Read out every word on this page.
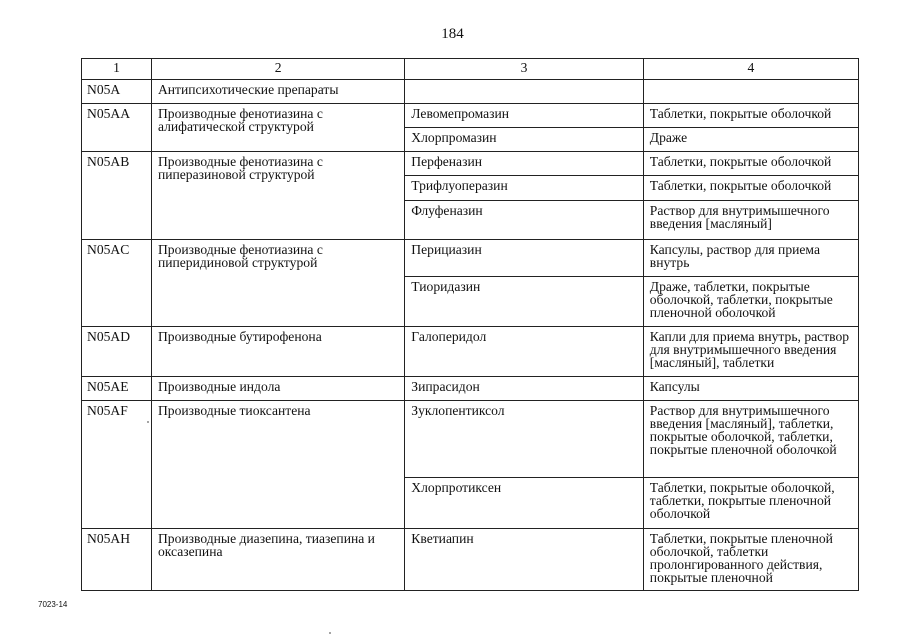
184
1	2	3	4
N05A	Антипсихотические препараты		
N05AA	Производные фенотиазина с алифатической структурой	Левомепромазин	Таблетки, покрытые оболочкой
		Хлорпромазин	Драже
N05AB	Производные фенотиазина с пиперазиновой структурой	Перфеназин	Таблетки, покрытые оболочкой
		Трифлуоперазин	Таблетки, покрытые оболочкой
		Флуфеназин	Раствор для внутримышечного введения [масляный]
N05AC	Производные фенотиазина с пиперидиновой структурой	Перициазин	Капсулы, раствор для приема внутрь
		Тиоридазин	Драже, таблетки, покрытые оболочкой, таблетки, покрытые пленочной оболочкой
N05AD	Производные бутирофенона	Галоперидол	Капли для приема внутрь, раствор для внутримышечного введения [масляный], таблетки
N05AE	Производные индола	Зипрасидон	Капсулы
N05AF	Производные тиоксантена	Зуклопентиксол	Раствор для внутримышечного введения [масляный], таблетки, покрытые оболочкой, таблетки, покрытые пленочной оболочкой
		Хлорпротиксен	Таблетки, покрытые оболочкой, таблетки, покрытые пленочной оболочкой
N05AH	Производные диазепина, тиазепина и оксазепина	Кветиапин	Таблетки, покрытые пленочной оболочкой, таблетки пролонгированного действия, покрытые пленочной
7023-14
